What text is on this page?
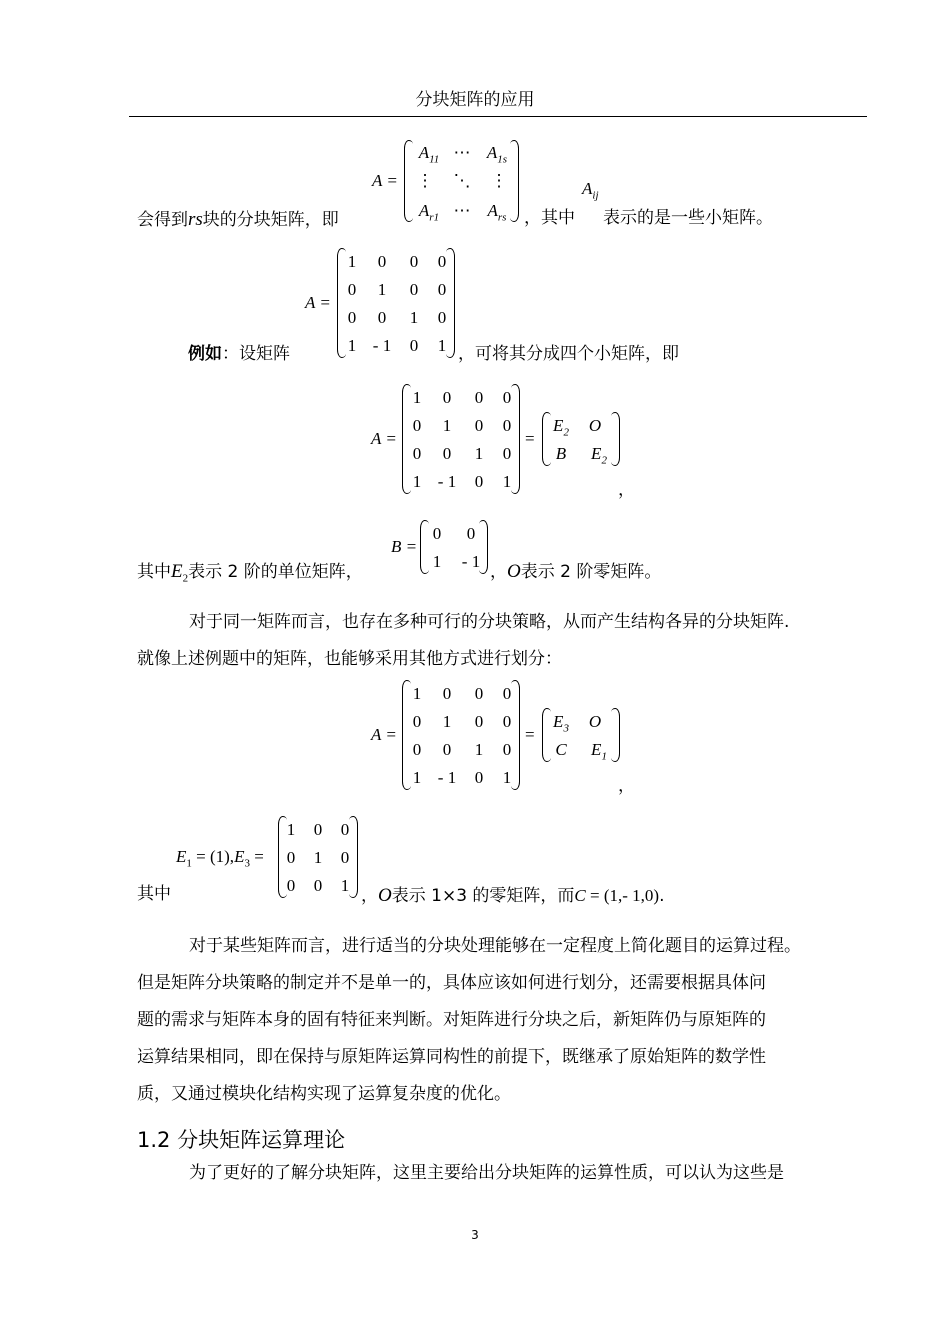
分块矩阵的应用
A =
$A_{11}$ ⋯ $A_{1s}$
⋮	⋱	⋮
$A_{r1}$ ⋯	$A_{rs}$
$A_{ij}$
会得到rs块的分块矩阵，即	，其中 表示的是一些小矩阵。
A =
1	0	0	0
0	1	0	0
0	0	1	0
1 - 1	0	1
例如：设矩阵	，可将其分成四个小矩阵，即
A =
1	0	0	0
0	1	0	0
0	0	1	0
1 - 1	0	1
=
$E_2$	O
B	$E_2$
，
其中$E_2$表示 2 阶的单位矩阵，
B =
0	0
1	- 1
，O表示 2 阶零矩阵。
对于同一矩阵而言，也存在多种可行的分块策略，从而产生结构各异的分块矩阵.
就像上述例题中的矩阵，也能够采用其他方式进行划分：
A =
1	0	0	0
0	1	0	0
0	0	1	0
1 - 1	0	1
=
$E_3$	O
C	$E_1$
，
$E_1 = (1),E_3$ =
1	0	0
0	1	0
0	0	1
其中	，O表示 1×3 的零矩阵，而C = (1,- 1,0).
对于某些矩阵而言，进行适当的分块处理能够在一定程度上简化题目的运算过程。
但是矩阵分块策略的制定并不是单一的，具体应该如何进行划分，还需要根据具体问
题的需求与矩阵本身的固有特征来判断。对矩阵进行分块之后，新矩阵仍与原矩阵的
运算结果相同，即在保持与原矩阵运算同构性的前提下，既继承了原始矩阵的数学性
质，又通过模块化结构实现了运算复杂度的优化。
1.2 分块矩阵运算理论
为了更好的了解分块矩阵，这里主要给出分块矩阵的运算性质，可以认为这些是
3
